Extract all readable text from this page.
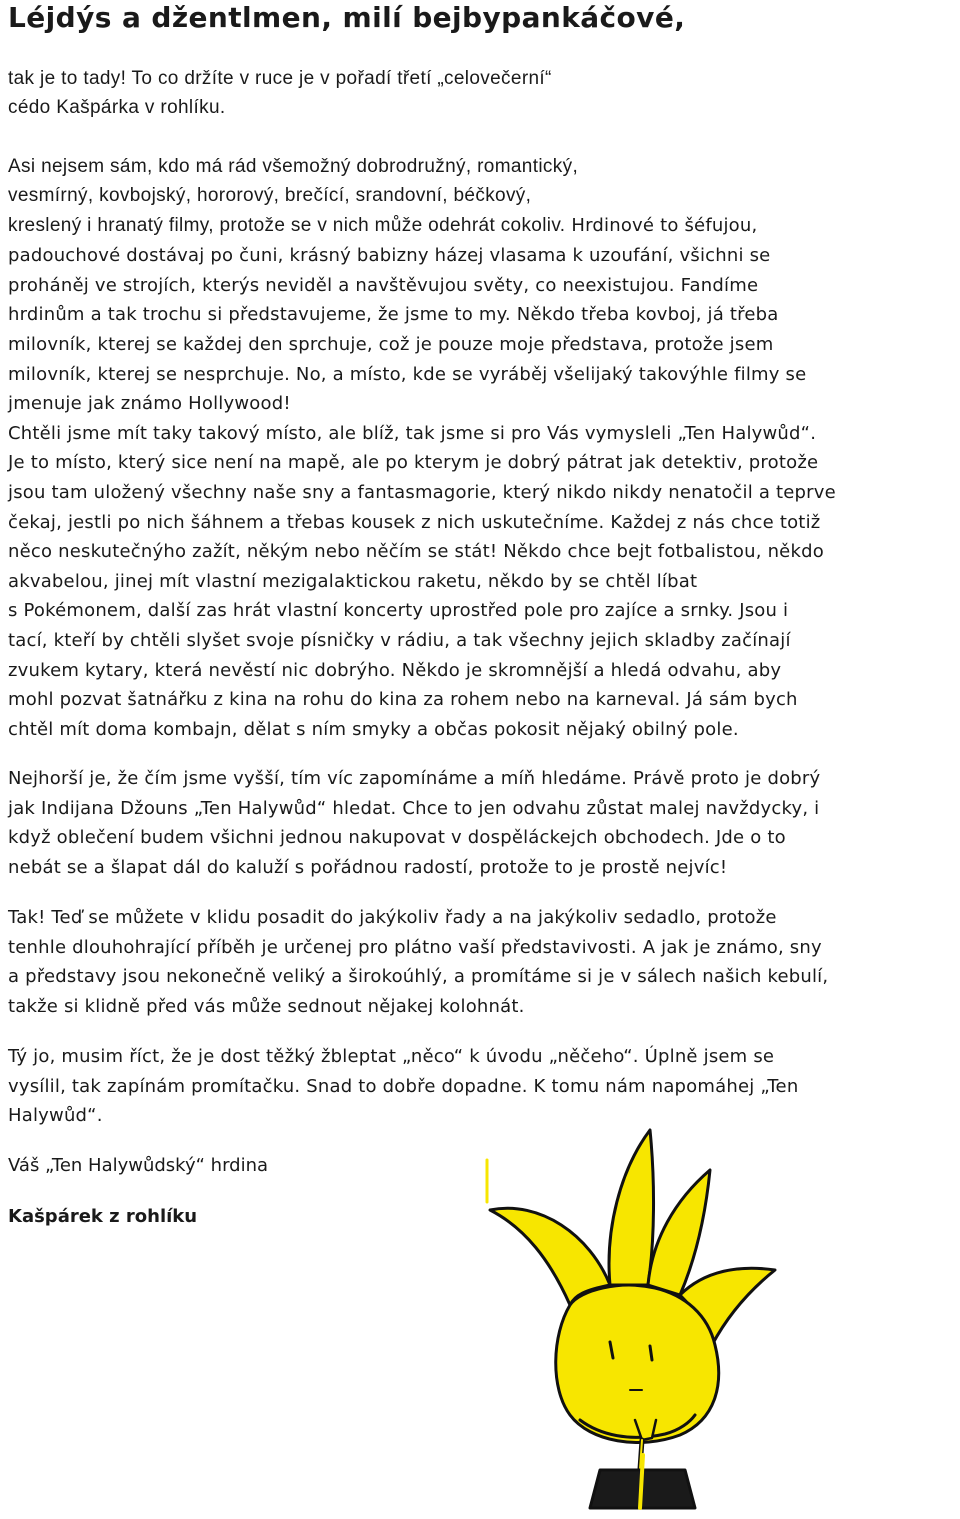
Léjdýs a džentlmen, milí bejbypankáčové,

tak je to tady! To co držíte v ruce je v pořadí třetí „celovečerní“
cédo Kašpárka v rohlíku.

Asi nejsem sám, kdo má rád všemožný dobrodružný, romantický,
vesmírný, kovbojský, hororový, brečící, srandovní, béčkový,
kreslený i hranatý filmy, protože se v nich může odehrát cokoliv. Hrdinové to šéfujou,
padouchové dostávaj po čuni, krásný babizny házej vlasama k uzoufání, všichni se
proháněj ve strojích, kterýs neviděl a navštěvujou světy, co neexistujou. Fandíme
hrdinům a tak trochu si představujeme, že jsme to my. Někdo třeba kovboj, já třeba
milovník, kterej se každej den sprchuje, což je pouze moje představa, protože jsem
milovník, kterej se nesprchuje. No, a místo, kde se vyráběj všelijaký takovýhle filmy se
jmenuje jak známo Hollywood!
Chtěli jsme mít taky takový místo, ale blíž, tak jsme si pro Vás vymysleli „Ten Halywůd“.
Je to místo, který sice není na mapě, ale po kterym je dobrý pátrat jak detektiv, protože
jsou tam uložený všechny naše sny a fantasmagorie, který nikdo nikdy nenatočil a teprve
čekaj, jestli po nich šáhnem a třebas kousek z nich uskutečníme. Každej z nás chce totiž
něco neskutečnýho zažít, někým nebo něčím se stát! Někdo chce bejt fotbalistou, někdo
akvabelou, jinej mít vlastní mezigalaktickou raketu, někdo by se chtěl líbat
s Pokémonem, další zas hrát vlastní koncerty uprostřed pole pro zajíce a srnky. Jsou i
tací, kteří by chtěli slyšet svoje písničky v rádiu, a tak všechny jejich skladby začínají
zvukem kytary, která nevěstí nic dobrýho. Někdo je skromnější a hledá odvahu, aby
mohl pozvat šatnářku z kina na rohu do kina za rohem nebo na karneval. Já sám bych
chtěl mít doma kombajn, dělat s ním smyky a občas pokosit nějaký obilný pole.

Nejhorší je, že čím jsme vyšší, tím víc zapomínáme a míň hledáme. Právě proto je dobrý
jak Indijana Džouns „Ten Halywůd“ hledat. Chce to jen odvahu zůstat malej navždycky, i
když oblečení budem všichni jednou nakupovat v dospěláckejch obchodech. Jde o to
nebát se a šlapat dál do kaluží s pořádnou radostí, protože to je prostě nejvíc!

Tak! Teď se můžete v klidu posadit do jakýkoliv řady a na jakýkoliv sedadlo, protože
tenhle dlouhohrající příběh je určenej pro plátno vaší představivosti. A jak je známo, sny
a představy jsou nekonečně veliký a širokoúhlý, a promítáme si je v sálech našich kebulí,
takže si klidně před vás může sednout nějakej kolohnát.

Tý jo, musim říct, že je dost těžký žbleptat „něco“ k úvodu „něčeho“. Úplně jsem se
vysílil, tak zapínám promítačku. Snad to dobře dopadne. K tomu nám napomáhej „Ten
Halywůd“.

Váš „Ten Halywůdský“ hrdina

Kašpárek z rohlíku
